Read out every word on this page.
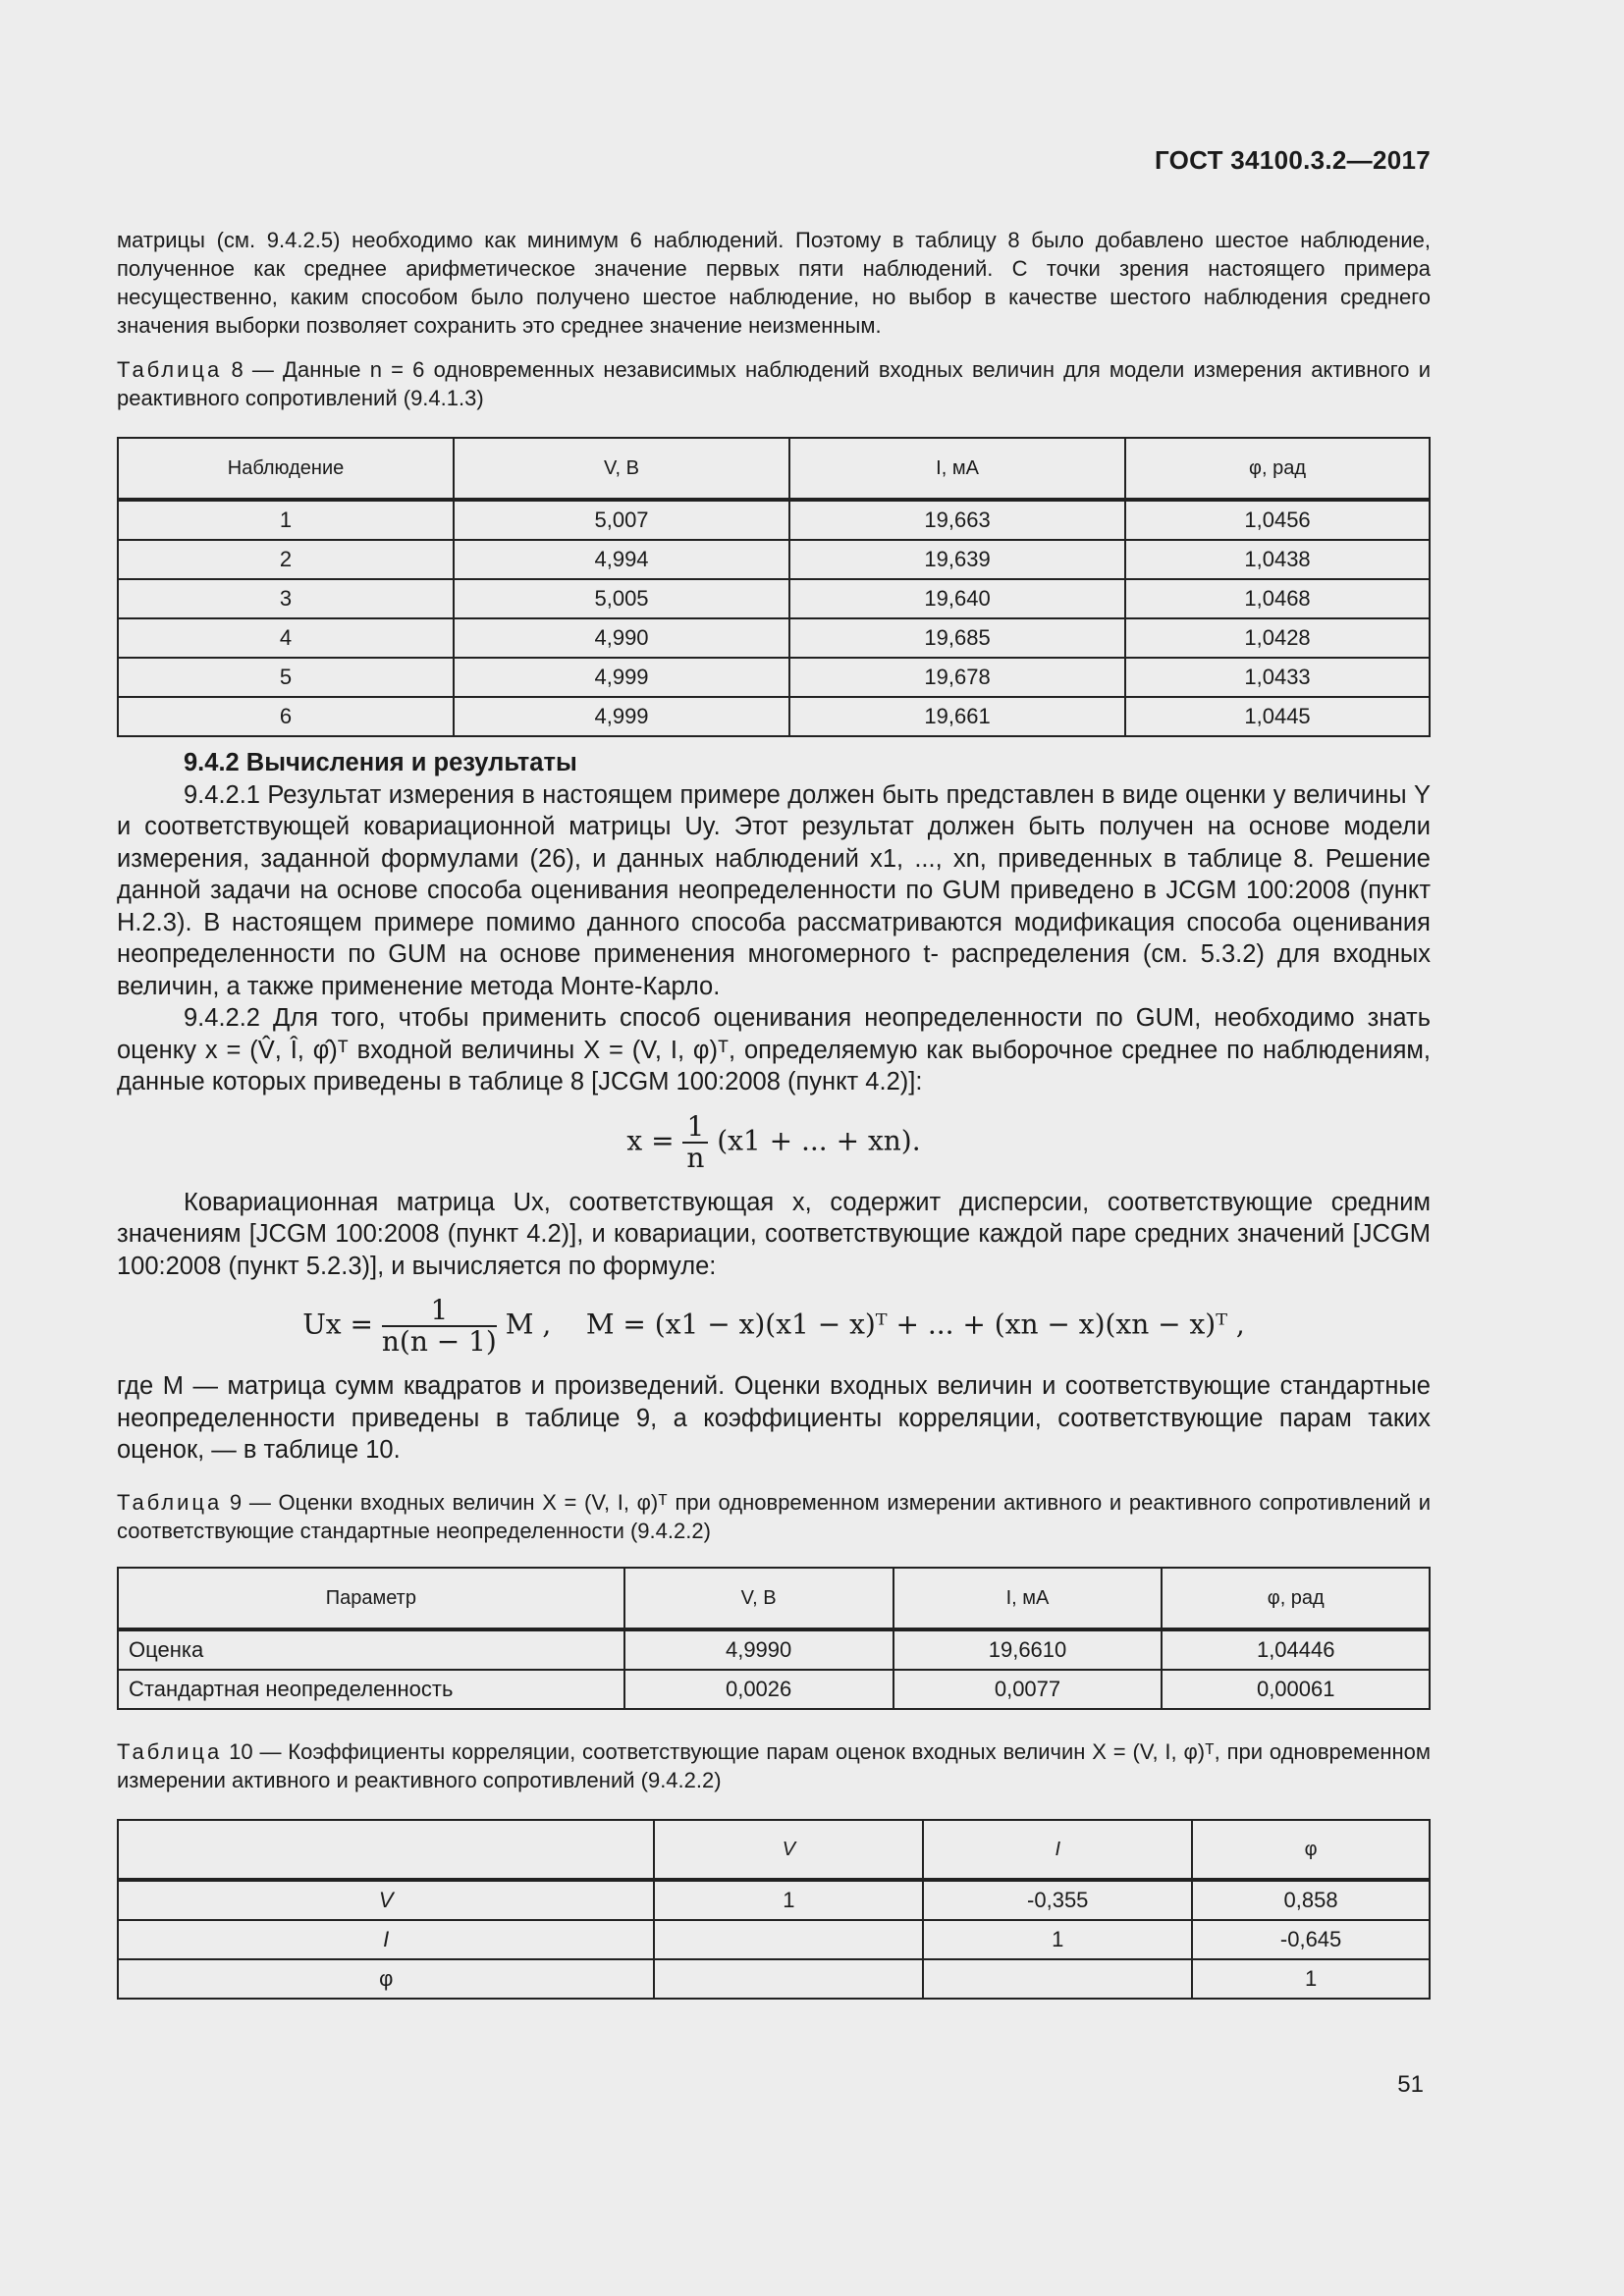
ГОСТ 34100.3.2—2017

матрицы (см. 9.4.2.5) необходимо как минимум 6 наблюдений. Поэтому в таблицу 8 было добавлено шестое наблюдение, полученное как среднее арифметическое значение первых пяти наблюдений. С точки зрения настоящего примера несущественно, каким способом было получено шестое наблюдение, но выбор в качестве шестого наблюдения среднего значения выборки позволяет сохранить это среднее значение неизменным.

Таблица 8 — Данные n = 6 одновременных независимых наблюдений входных величин для модели измерения активного и реактивного сопротивлений (9.4.1.3)

Наблюдение	V, В	I, мА	φ, рад
1	5,007	19,663	1,0456
2	4,994	19,639	1,0438
3	5,005	19,640	1,0468
4	4,990	19,685	1,0428
5	4,999	19,678	1,0433
6	4,999	19,661	1,0445

9.4.2 Вычисления и результаты

9.4.2.1 Результат измерения в настоящем примере должен быть представлен в виде оценки y величины Y и соответствующей ковариационной матрицы Uy. Этот результат должен быть получен на основе модели измерения, заданной формулами (26), и данных наблюдений x1, ..., xn, приведенных в таблице 8. Решение данной задачи на основе способа оценивания неопределенности по GUM приведено в JCGM 100:2008 (пункт Н.2.3). В настоящем примере помимо данного способа рассматриваются модификация способа оценивания неопределенности по GUM на основе применения многомерного t- распределения (см. 5.3.2) для входных величин, а также применение метода Монте-Карло.

9.4.2.2 Для того, чтобы применить способ оценивания неопределенности по GUM, необходимо знать оценку x = (V̂, Î, φ̂)ᵀ входной величины X = (V, I, φ)ᵀ, определяемую как выборочное среднее по наблюдениям, данные которых приведены в таблице 8 [JCGM 100:2008 (пункт 4.2)]:

$x = \frac{1}{n} (x1$ + ... + xn).

Ковариационная матрица Ux, соответствующая x, содержит дисперсии, соответствующие средним значениям [JCGM 100:2008 (пункт 4.2)], и ковариации, соответствующие каждой паре средних значений [JCGM 100:2008 (пункт 5.2.3)], и вычисляется по формуле:

$Ux = \frac{1}{n(n - 1)}$ M , M = (x1 − x)(x1 − x)ᵀ + ... + (xn − x)(xn − x)ᵀ ,

где M — матрица сумм квадратов и произведений. Оценки входных величин и соответствующие стандартные неопределенности приведены в таблице 9, а коэффициенты корреляции, соответствующие парам таких оценок, — в таблице 10.

Таблица 9 — Оценки входных величин X = (V, I, φ)ᵀ при одновременном измерении активного и реактивного сопротивлений и соответствующие стандартные неопределенности (9.4.2.2)

Параметр	V, В	I, мА	φ, рад
Оценка	4,9990	19,6610	1,04446
Стандартная неопределенность	0,0026	0,0077	0,00061

Таблица 10 — Коэффициенты корреляции, соответствующие парам оценок входных величин X = (V, I, φ)ᵀ, при одновременном измерении активного и реактивного сопротивлений (9.4.2.2)

	V	I	φ
V	1	-0,355	0,858
I		1	-0,645
φ			1
51
